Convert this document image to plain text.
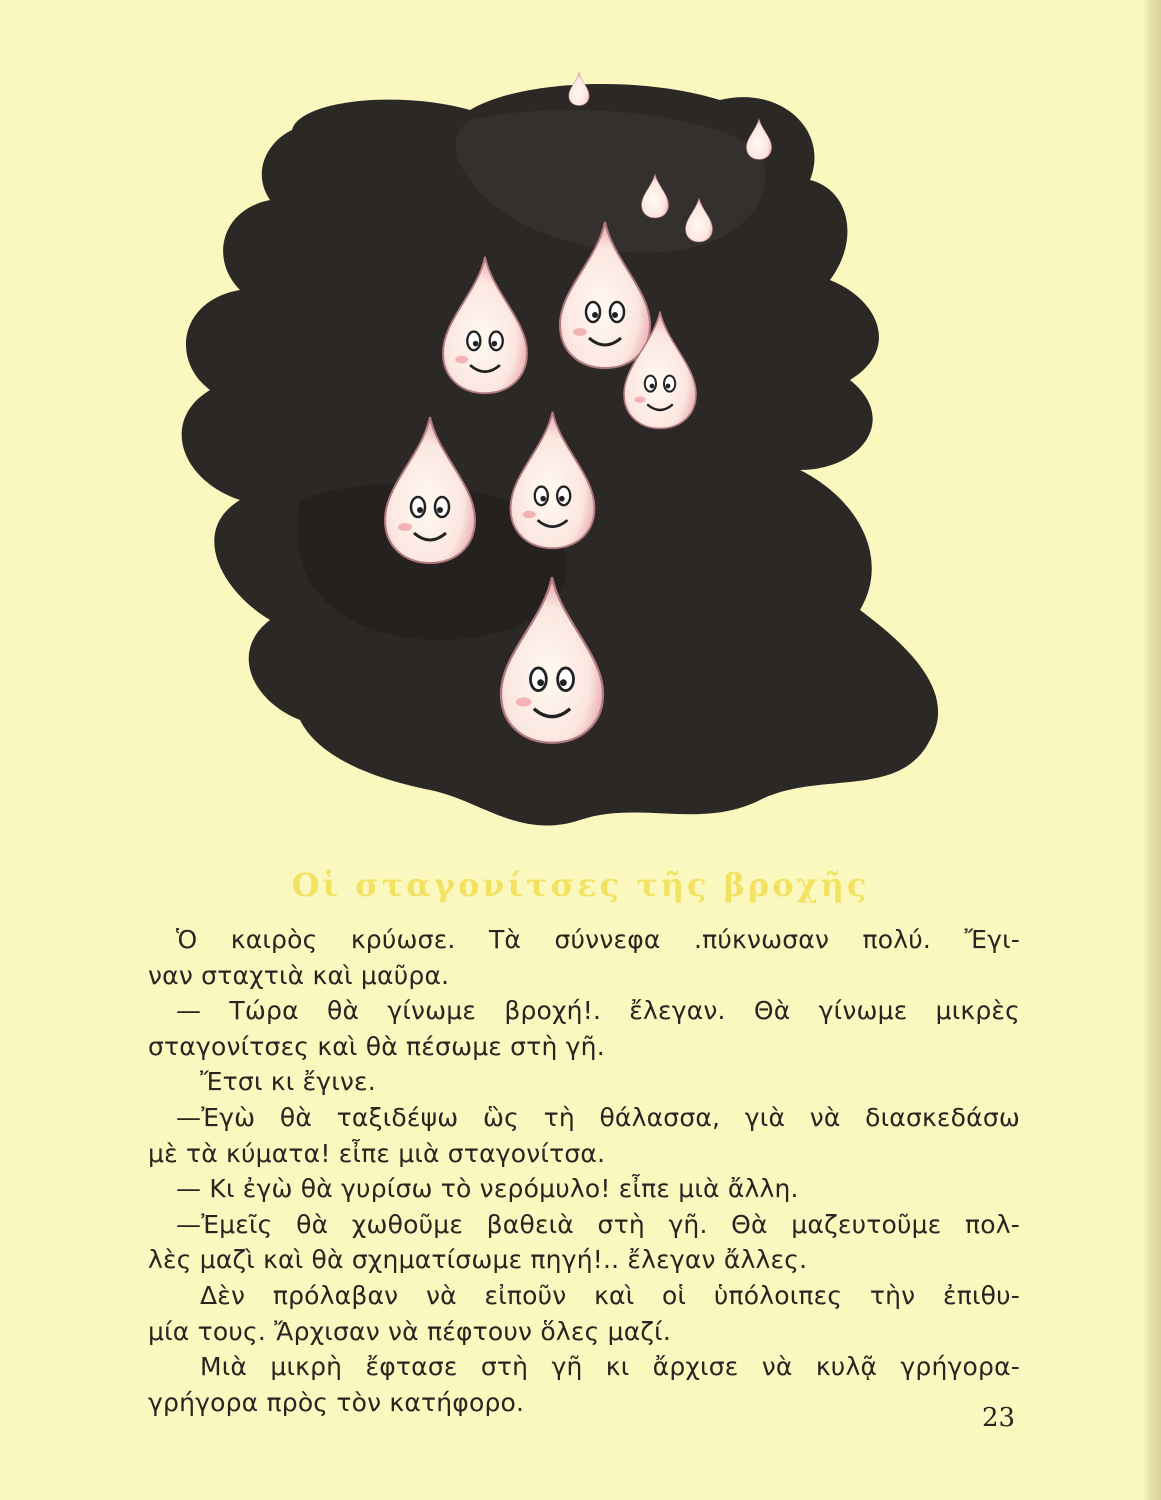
Οἱ σταγονίτσες τῆς βροχῆς
Ὁ καιρὸς κρύωσε. Τὰ σύννεφα .πύκνωσαν πολύ. Ἔγι-
ναν σταχτιὰ καὶ μαῦρα.
— Τώρα θὰ γίνωμε βροχή!. ἔλεγαν. Θὰ γίνωμε μικρὲς
σταγονίτσες καὶ θὰ πέσωμε στὴ γῆ.
Ἔτσι κι ἔγινε.
—Ἐγὼ θὰ ταξιδέψω ὣς τὴ θάλασσα, γιὰ νὰ διασκεδάσω
μὲ τὰ κύματα! εἶπε μιὰ σταγονίτσα.
— Κι ἐγὼ θὰ γυρίσω τὸ νερόμυλο! εἶπε μιὰ ἄλλη.
—Ἐμεῖς θὰ χωθοῦμε βαθειὰ στὴ γῆ. Θὰ μαζευτοῦμε πολ-
λὲς μαζὶ καὶ θὰ σχηματίσωμε πηγή!.. ἔλεγαν ἄλλες.
Δὲν πρόλαβαν νὰ εἰποῦν καὶ οἱ ὑπόλοιπες τὴν ἐπιθυ-
μία τους. Ἄρχισαν νὰ πέφτουν ὅλες μαζί.
Μιὰ μικρὴ ἔφτασε στὴ γῆ κι ἄρχισε νὰ κυλᾷ γρήγορα-
γρήγορα πρὸς τὸν κατήφορο.
23
